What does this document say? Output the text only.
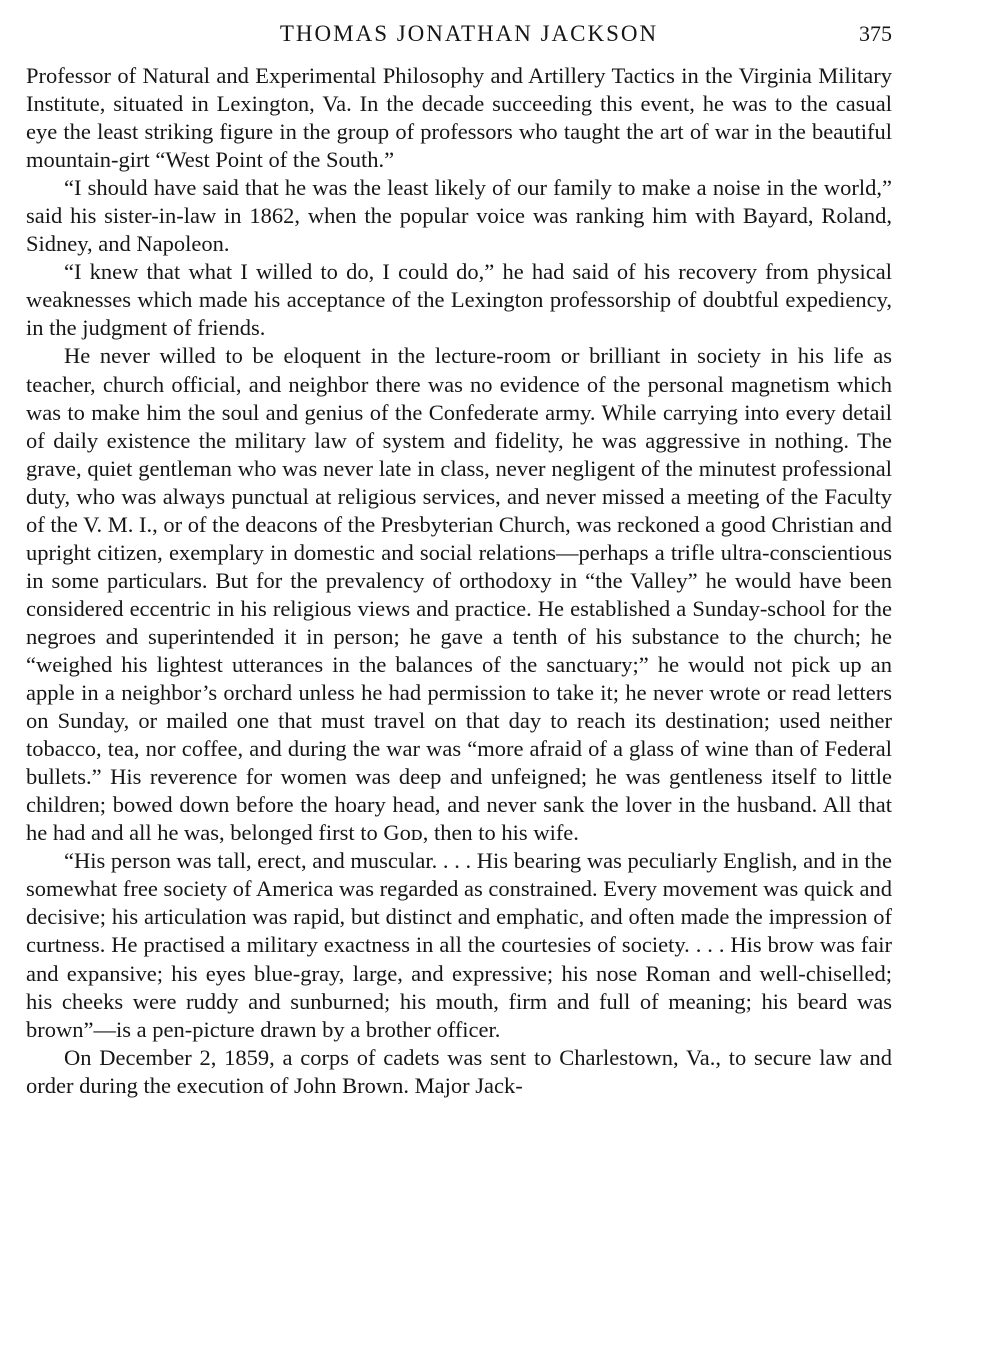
THOMAS JONATHAN JACKSON	375

Professor of Natural and Experimental Philosophy and Artillery Tactics in the Virginia Military Institute, situated in Lexington, Va. In the decade succeeding this event, he was to the casual eye the least striking figure in the group of professors who taught the art of war in the beautiful mountain-girt “West Point of the South.”

“I should have said that he was the least likely of our family to make a noise in the world,” said his sister-in-law in 1862, when the popular voice was ranking him with Bayard, Roland, Sidney, and Napoleon.

“I knew that what I willed to do, I could do,” he had said of his recovery from physical weaknesses which made his acceptance of the Lexington professorship of doubtful expediency, in the judgment of friends.

He never willed to be eloquent in the lecture-room or brilliant in society in his life as teacher, church official, and neighbor there was no evidence of the personal magnetism which was to make him the soul and genius of the Confederate army. While carrying into every detail of daily existence the military law of system and fidelity, he was aggressive in nothing. The grave, quiet gentleman who was never late in class, never negligent of the minutest professional duty, who was always punctual at religious services, and never missed a meeting of the Faculty of the V. M. I., or of the deacons of the Presbyterian Church, was reckoned a good Christian and upright citizen, exemplary in domestic and social relations—perhaps a trifle ultra-conscientious in some particulars. But for the prevalency of orthodoxy in “the Valley” he would have been considered eccentric in his religious views and practice. He established a Sunday-school for the negroes and superintended it in person; he gave a tenth of his substance to the church; he “weighed his lightest utterances in the balances of the sanctuary;” he would not pick up an apple in a neighbor’s orchard unless he had permission to take it; he never wrote or read letters on Sunday, or mailed one that must travel on that day to reach its destination; used neither tobacco, tea, nor coffee, and during the war was “more afraid of a glass of wine than of Federal bullets.” His reverence for women was deep and unfeigned; he was gentleness itself to little children; bowed down before the hoary head, and never sank the lover in the husband. All that he had and all he was, belonged first to Gᴏᴅ, then to his wife.

“His person was tall, erect, and muscular. . . . His bearing was peculiarly English, and in the somewhat free society of America was regarded as constrained. Every movement was quick and decisive; his articulation was rapid, but distinct and emphatic, and often made the impression of curtness. He practised a military exactness in all the courtesies of society. . . . His brow was fair and expansive; his eyes blue-gray, large, and expressive; his nose Roman and well-chiselled; his cheeks were ruddy and sunburned; his mouth, firm and full of meaning; his beard was brown”—is a pen-picture drawn by a brother officer.

On December 2, 1859, a corps of cadets was sent to Charlestown, Va., to secure law and order during the execution of John Brown. Major Jack-
